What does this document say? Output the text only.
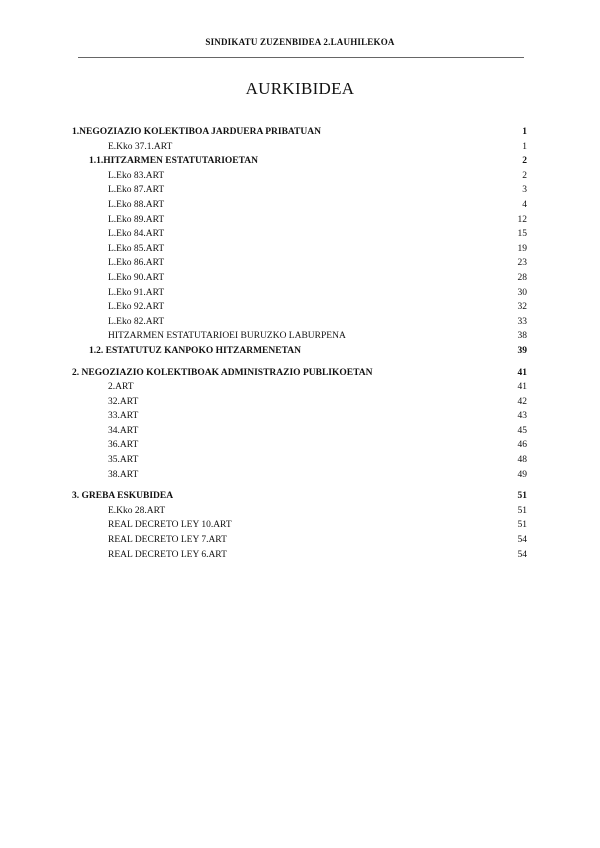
SINDIKATU ZUZENBIDEA 2.LAUHILEKOA
AURKIBIDEA
1.NEGOZIAZIO KOLEKTIBOA JARDUERA PRIBATUAN	1
E.Kko 37.1.ART	1
1.1.HITZARMEN ESTATUTARIOETAN	2
L.Eko 83.ART	2
L.Eko 87.ART	3
L.Eko 88.ART	4
L.Eko 89.ART	12
L.Eko 84.ART	15
L.Eko 85.ART	19
L.Eko 86.ART	23
L.Eko 90.ART	28
L.Eko 91.ART	30
L.Eko 92.ART	32
L.Eko 82.ART	33
HITZARMEN ESTATUTARIOEI BURUZKO LABURPENA	38
1.2. ESTATUTUZ KANPOKO HITZARMENETAN	39
2. NEGOZIAZIO KOLEKTIBOAK ADMINISTRAZIO PUBLIKOETAN	41
2.ART	41
32.ART	42
33.ART	43
34.ART	45
36.ART	46
35.ART	48
38.ART	49
3. GREBA ESKUBIDEA	51
E.Kko 28.ART	51
REAL DECRETO LEY 10.ART	51
REAL DECRETO LEY 7.ART	54
REAL DECRETO LEY 6.ART	54
